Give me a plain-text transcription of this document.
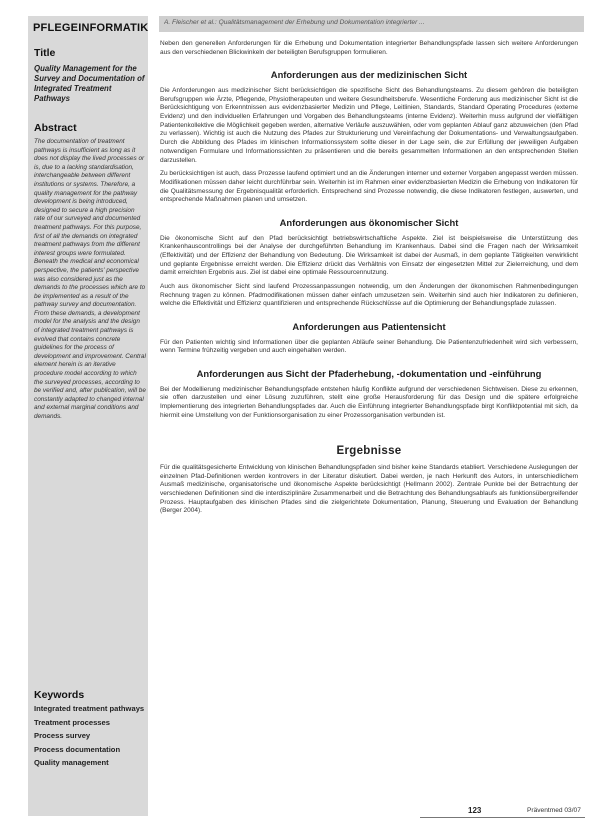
PFLEGEINFORMATIK
Title
Quality Management for the Survey and Documentation of Integrated Treatment Pathways
Abstract
The documentation of treatment pathways is insufficient as long as it does not display the lived processes or is, due to a lacking standardisation, interchangeable between different institutions or systems. Therefore, a quality management for the pathway development is being introduced, designed to secure a high precision rate of our surveyed and documented treatment pathways. For this purpose, first of all the demands on integrated treatment pathways from the different interest groups were formulated. Beneath the medical and economical perspective, the patients' perspective was also considered just as the demands to the processes which are to be implemented as a result of the pathway survey and documentation. From these demands, a development model for the analysis and the design of integrated treatment pathways is evolved that contains concrete guidelines for the process of development and improvement. Central element herein is an iterative procedure model according to which the surveyed processes, according to be verified and, after publication, will be constantly adapted to changed internal and external marginal conditions and demands.
Keywords
Integrated treatment pathways
Treatment processes
Process survey
Process documentation
Quality management
A. Fleischer et al.: Qualitätsmanagement der Erhebung und Dokumentation integrierter ...

Neben den generellen Anforderungen für die Erhebung und Dokumentation integrierter Behandlungspfade lassen sich weitere Anforderungen aus den verschiedenen Blickwinkeln der beteiligten Berufsgruppen formulieren.

Anforderungen aus der medizinischen Sicht

Die Anforderungen aus medizinischer Sicht berücksichtigen die spezifische Sicht des Behandlungsteams. Zu diesem gehören die beteiligten Berufsgruppen wie Ärzte, Pflegende, Physiotherapeuten und weitere Gesundheitsberufe. Wesentliche Forderung aus medizinischer Sicht ist die Berücksichtigung von Erkenntnissen aus evidenzbasierter Medizin und Pflege, Leitlinien, Standards, Standard Operating Procedures (externe Evidenz) und den individuellen Erfahrungen und Vorgaben des Behandlungsteams (interne Evidenz). Weiterhin muss aufgrund der vielfältigen Patientenkollektive die Möglichkeit gegeben werden, alternative Verläufe auszuwählen, oder vom geplanten Ablauf ganz abzuweichen (den Pfad zu verlassen). Wichtig ist auch die Nutzung des Pfades zur Strukturierung und Vereinfachung der Dokumentations- und Verwaltungsaufgaben. Durch die Abbildung des Pfades im klinischen Informationssystem sollte dieser in der Lage sein, die zur Erfüllung der jeweiligen Aufgaben notwendigen Formulare und Informationssichten zu präsentieren und die bereits gesammelten Informationen an den entsprechenden Stellen darzustellen.

Zu berücksichtigen ist auch, dass Prozesse laufend optimiert und an die Änderungen interner und externer Vorgaben angepasst werden müssen. Modifikationen müssen daher leicht durchführbar sein. Weiterhin ist im Rahmen einer evidenzbasierten Medizin die Erhebung von Indikatoren für die Qualitätsmessung der Ergebnisqualität erforderlich. Entsprechend sind Prozesse notwendig, die diese Indikatoren festlegen, auswerten, und entsprechende Maßnahmen planen und umsetzen.

Anforderungen aus ökonomischer Sicht

Die ökonomische Sicht auf den Pfad berücksichtigt betriebswirtschaftliche Aspekte. Ziel ist beispielsweise die Unterstützung des Krankenhauscontrollings bei der Analyse der durchgeführten Behandlung im Krankenhaus. Dabei sind die Fragen nach der Wirksamkeit (Effektivität) und der Effizienz der Behandlung von Bedeutung. Die Wirksamkeit ist dabei der Ausmaß, in dem geplante Tätigkeiten verwirklicht und geplante Ergebnisse erreicht werden. Die Effizienz drückt das Verhältnis von Einsatz der eingesetzten Mittel zur Zielerreichung, und dem damit erreichten Ergebnis aus. Ziel ist dabei eine optimale Ressourcennutzung.

Auch aus ökonomischer Sicht sind laufend Prozessanpassungen notwendig, um den Änderungen der ökonomischen Rahmenbedingungen Rechnung tragen zu können. Pfadmodifikationen müssen daher einfach umzusetzen sein. Weiterhin sind auch hier Indikatoren zu definieren, welche die Effektivität und Effizienz quantifizieren und entsprechende Rückschlüsse auf die Optimierung der Behandlungspfade zulassen.

Anforderungen aus Patientensicht

Für den Patienten wichtig sind Informationen über die geplanten Abläufe seiner Behandlung. Die Patientenzufriedenheit wird sich verbessern, wenn Termine frühzeitig vergeben und auch eingehalten werden.

Anforderungen aus Sicht der Pfaderhebung, -dokumentation und -einführung

Bei der Modellierung medizinischer Behandlungspfade entstehen häufig Konflikte aufgrund der verschiedenen Sichtweisen. Diese zu erkennen, sie offen darzustellen und einer Lösung zuzuführen, stellt eine große Herausforderung für das Design und die spätere erfolgreiche Implementierung des integrierten Behandlungspfades dar. Auch die Einführung integrierter Behandlungspfade birgt Konfliktpotential mit sich, da hiermit eine Umstellung von der Funktionsorganisation zu einer Prozessorganisation verbunden ist.

Ergebnisse

Für die qualitätsgesicherte Entwicklung von klinischen Behandlungspfaden sind bisher keine Standards etabliert. Verschiedene Auslegungen der einzelnen Pfad-Definitionen werden kontrovers in der Literatur diskutiert. Dabei werden, je nach Herkunft des Autors, in unterschiedlichem Ausmaß medizinische, organisatorische und ökonomische Aspekte berücksichtigt (Hellmann 2002). Zentrale Punkte bei der Betrachtung der verschiedenen Definitionen sind die interdisziplinäre Zusammenarbeit und die Betrachtung des Behandlungsablaufs als funktionsübergreifender Prozess. Hauptaufgaben des klinischen Pfades sind die zielgerichtete Dokumentation, Planung, Steuerung und Evaluation der Behandlung (Berger 2004).

123	Präventmed 03/07
